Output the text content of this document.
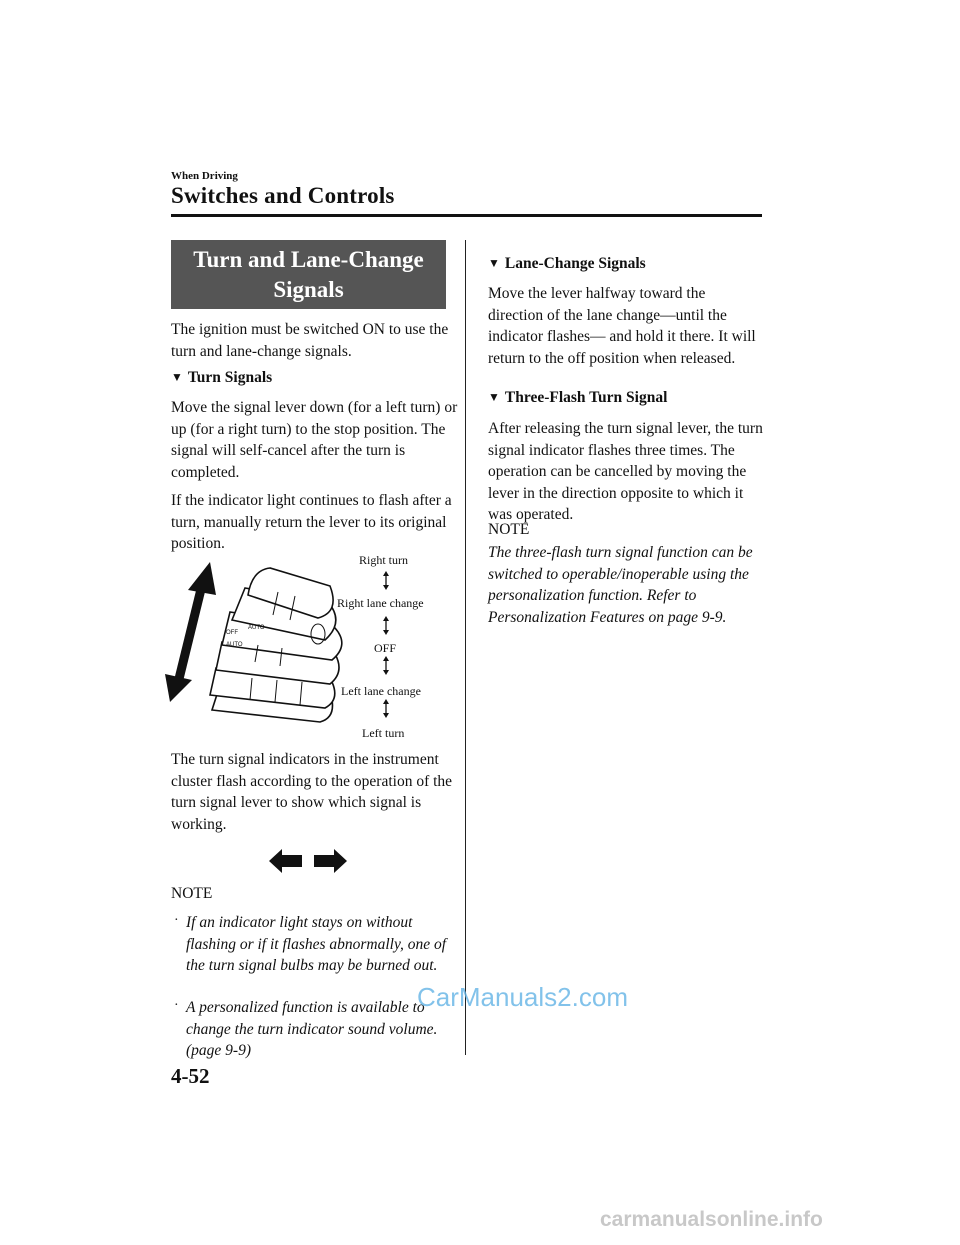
When Driving
Switches and Controls
Turn and Lane-Change
Signals
The ignition must be switched ON to use the turn and lane-change signals.
▼ Turn Signals
Move the signal lever down (for a left turn) or up (for a right turn) to the stop position. The signal will self-cancel after the turn is completed.
If the indicator light continues to flash after a turn, manually return the lever to its original position.
OFF
AUTO
AUTO
Right turn
Right lane change
OFF
Left lane change
Left turn
The turn signal indicators in the instrument cluster flash according to the operation of the turn signal lever to show which signal is working.
NOTE
· If an indicator light stays on without flashing or if it flashes abnormally, one of the turn signal bulbs may be burned out.
· A personalized function is available to change the turn indicator sound volume. (page 9-9)
▼ Lane-Change Signals
Move the lever halfway toward the direction of the lane change―until the indicator flashes― and hold it there. It will return to the off position when released.
▼ Three-Flash Turn Signal
After releasing the turn signal lever, the turn signal indicator flashes three times. The operation can be cancelled by moving the lever in the direction opposite to which it was operated.
NOTE
The three-flash turn signal function can be switched to operable/inoperable using the personalization function. Refer to Personalization Features on page 9-9.
4-52
CarManuals2.com
carmanualsonline.info
